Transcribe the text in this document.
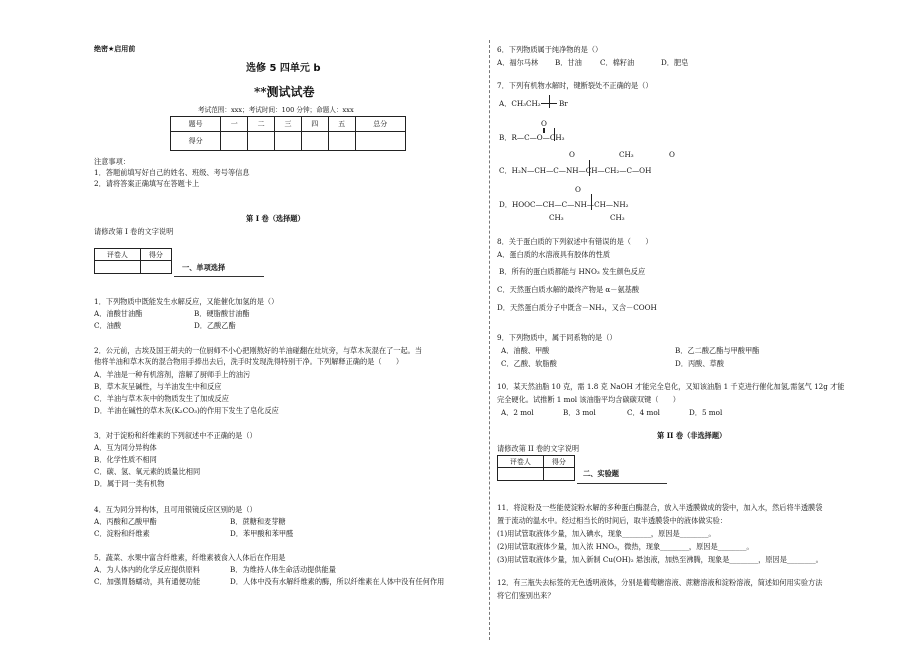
绝密★启用前
选修 5 四单元 b
**测试试卷
考试范围：xxx；考试时间：100 分钟；命题人：xxx
题号	一	二	三	四	五	总分
得分						
注意事项：
1．答题前填写好自己的姓名、班级、考号等信息
2．请将答案正确填写在答题卡上
第 I 卷（选择题）
请修改第 I 卷的文字说明
评卷人	得分

一、单项选择
1．下列物质中既能发生水解反应，又能催化加氢的是（）
A．油酸甘油酯	B．硬脂酸甘油酯
C．油酸	D．乙酸乙酯
2．公元前，古埃及国王胡夫的一位厨师不小心把刚熬好的羊油碰翻在灶坑旁，与草木灰混在了一起。当
他将羊油和草木灰的混合物用手捧出去后，洗手时发现洗得特别干净。下列解释正确的是（　　）
A．羊油是一种有机溶剂，溶解了厨师手上的油污
B．草木灰呈碱性，与羊油发生中和反应
C．羊油与草木灰中的物质发生了加成反应
D．羊油在碱性的草木灰(K₂CO₃)的作用下发生了皂化反应
3．对于淀粉和纤维素的下列叙述中不正确的是（）
A．互为同分异构体
B．化学性质不相同
C．碳、氢、氧元素的质量比相同
D．属于同一类有机物
4．互为同分异构体，且可用银镜反应区别的是（）
A．丙酸和乙酸甲酯	B．蔗糖和麦芽糖
C．淀粉和纤维素	D．苯甲酸和苯甲醛
5．蔬菜、水果中富含纤维素，纤维素被食入人体后在作用是
A．为人体内的化学反应提供原料	B．为维持人体生命活动提供能量
C．加强胃肠蠕动，具有通便功能	D．人体中没有水解纤维素的酶，所以纤维素在人体中没有任何作用
6．下列物质属于纯净物的是（）
A．福尔马林 B．甘油	C．棉籽油	D．肥皂
7．下列有机物水解时，键断裂处不正确的是（）
A．CH₃CH₂	Br
O
B．R—C—O—CH₃
O	O
CH₃
C．H₂N—CH—C—NH—CH—CH₂—C—OH
O
D．HOOC—CH—C—NH—CH—NH₂
CH₃	CH₃
8．关于蛋白质的下列叙述中有错误的是（　　）
A．蛋白质的水溶液具有胶体的性质
B．所有的蛋白质都能与 HNO₃ 发生颜色反应
C．天然蛋白质水解的最终产物是 α－氨基酸
D．天然蛋白质分子中既含－NH₂，又含－COOH
9．下列物质中，属于同系物的是（）
A．油酸、甲酸	B．乙二酸乙酯与甲酸甲酯
C．乙酸、软脂酸	D．丙酸、草酸
10．某天然油脂 10 克，需 1.8 克 NaOH 才能完全皂化，又知该油脂 1 千克进行催化加氢,需氢气 12g 才能
完全硬化。试推断 1 mol 该油脂平均含碳碳双键（　　）
A．2 mol	B．3 mol	C．4 mol	D．5 mol
第 II 卷（非选择题）
请修改第 II 卷的文字说明
评卷人	得分

二、实验题
11．将淀粉及一些能使淀粉水解的多种蛋白酶混合，放入半透膜做成的袋中，加入水，然后将半透膜袋
置于流动的温水中。经过相当长的时间后，取半透膜袋中的液体做实验：
(1)用试管取液体少量，加入碘水，现象________，原因是________。
(2)用试管取液体少量，加入浓 HNO₃，微热，现象________，原因是________。
(3)用试管取液体少量，加入新制 Cu(OH)₂ 悬浊液，加热至沸腾，现象是________，原因是________。
12．有三瓶失去标签的无色透明液体，分别是葡萄糖溶液、蔗糖溶液和淀粉溶液，简述如何用实验方法
将它们鉴别出来？
